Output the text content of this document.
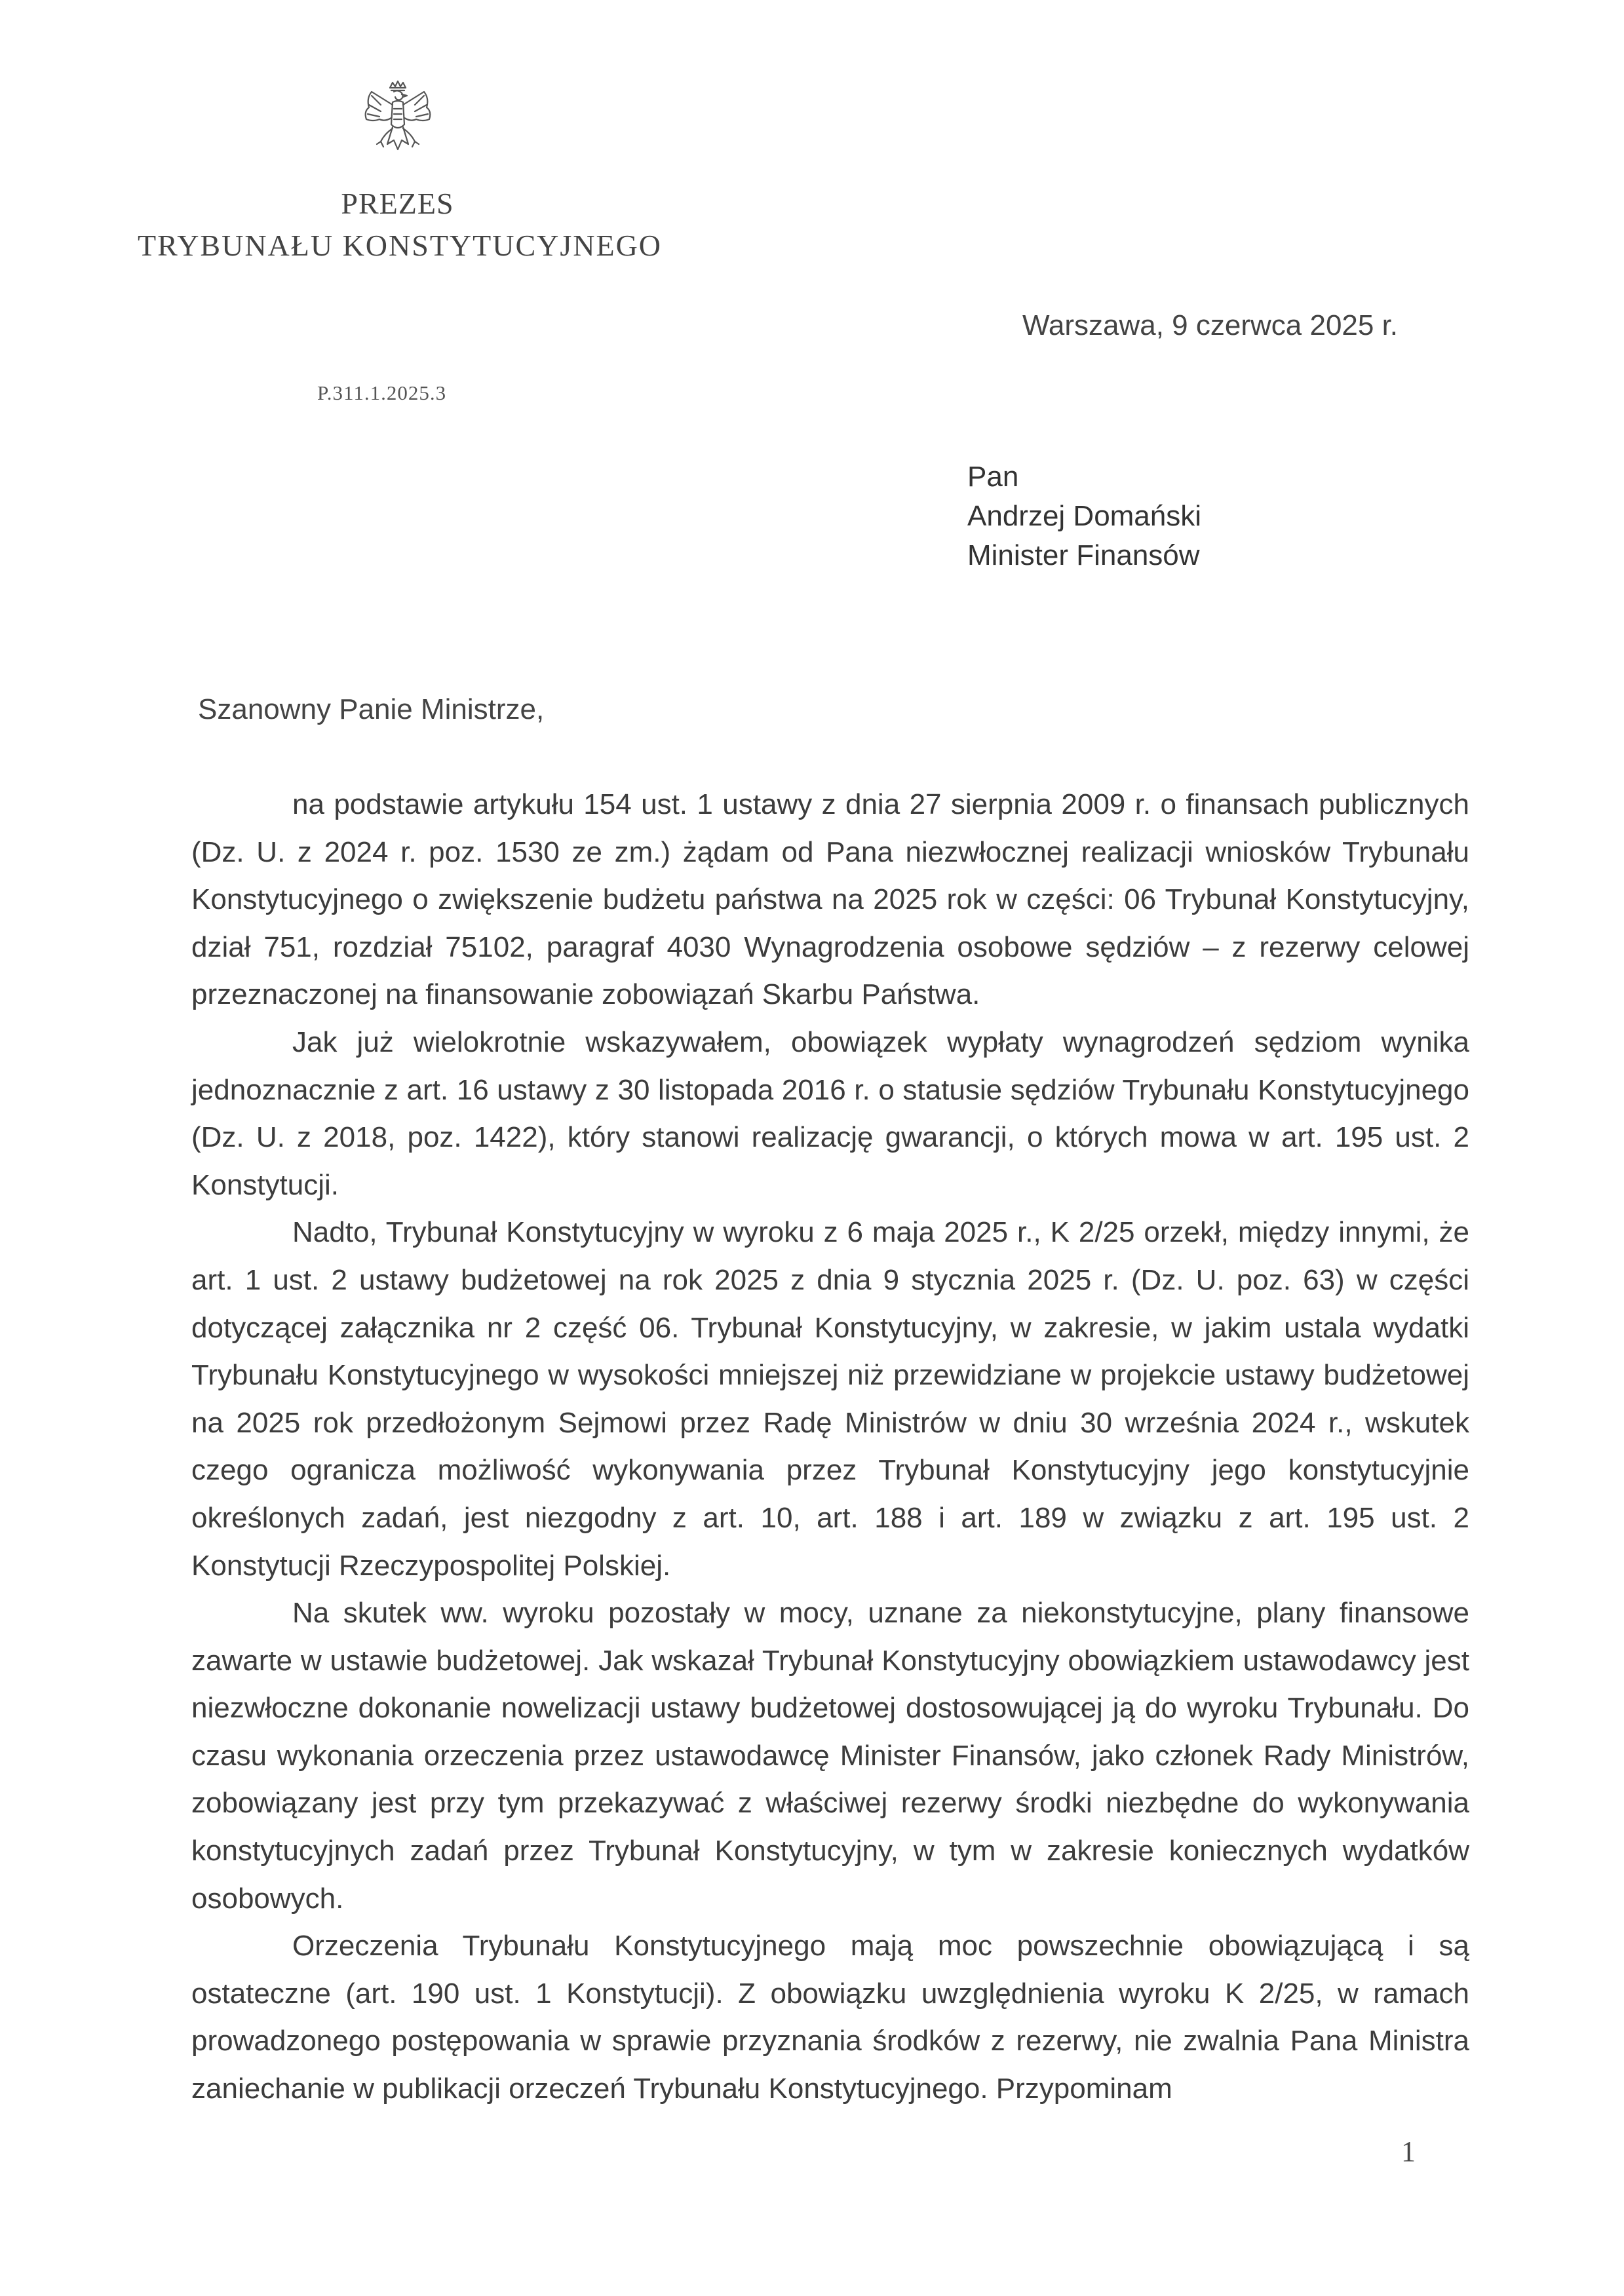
PREZES
TRYBUNAŁU KONSTYTUCYJNEGO
Warszawa, 9 czerwca 2025 r.
P.311.1.2025.3
Pan
Andrzej Domański
Minister Finansów
Szanowny Panie Ministrze,

na podstawie artykułu 154 ust. 1 ustawy z dnia 27 sierpnia 2009 r. o finansach publicznych (Dz. U. z 2024 r. poz. 1530 ze zm.) żądam od Pana niezwłocznej realizacji wniosków Trybunału Konstytucyjnego o zwiększenie budżetu państwa na 2025 rok w części: 06 Trybunał Konstytucyjny, dział 751, rozdział 75102, paragraf 4030 Wynagrodzenia osobowe sędziów – z rezerwy celowej przeznaczonej na finansowanie zobowiązań Skarbu Państwa.

Jak już wielokrotnie wskazywałem, obowiązek wypłaty wynagrodzeń sędziom wynika jednoznacznie z art. 16 ustawy z 30 listopada 2016 r. o statusie sędziów Trybunału Konstytucyjnego (Dz. U. z 2018, poz. 1422), który stanowi realizację gwarancji, o których mowa w art. 195 ust. 2 Konstytucji.

Nadto, Trybunał Konstytucyjny w wyroku z 6 maja 2025 r., K 2/25 orzekł, między innymi, że art. 1 ust. 2 ustawy budżetowej na rok 2025 z dnia 9 stycznia 2025 r. (Dz. U. poz. 63) w części dotyczącej załącznika nr 2 część 06. Trybunał Konstytucyjny, w zakresie, w jakim ustala wydatki Trybunału Konstytucyjnego w wysokości mniejszej niż przewidziane w projekcie ustawy budżetowej na 2025 rok przedłożonym Sejmowi przez Radę Ministrów w dniu 30 września 2024 r., wskutek czego ogranicza możliwość wykonywania przez Trybunał Konstytucyjny jego konstytucyjnie określonych zadań, jest niezgodny z art. 10, art. 188 i art. 189 w związku z art. 195 ust. 2 Konstytucji Rzeczypospolitej Polskiej.

Na skutek ww. wyroku pozostały w mocy, uznane za niekonstytucyjne, plany finansowe zawarte w ustawie budżetowej. Jak wskazał Trybunał Konstytucyjny obowiązkiem ustawodawcy jest niezwłoczne dokonanie nowelizacji ustawy budżetowej dostosowującej ją do wyroku Trybunału. Do czasu wykonania orzeczenia przez ustawodawcę Minister Finansów, jako członek Rady Ministrów, zobowiązany jest przy tym przekazywać z właściwej rezerwy środki niezbędne do wykonywania konstytucyjnych zadań przez Trybunał Konstytucyjny, w tym w zakresie koniecznych wydatków osobowych.

Orzeczenia Trybunału Konstytucyjnego mają moc powszechnie obowiązującą i są ostateczne (art. 190 ust. 1 Konstytucji). Z obowiązku uwzględnienia wyroku K 2/25, w ramach prowadzonego postępowania w sprawie przyznania środków z rezerwy, nie zwalnia Pana Ministra zaniechanie w publikacji orzeczeń Trybunału Konstytucyjnego. Przypominam

1
